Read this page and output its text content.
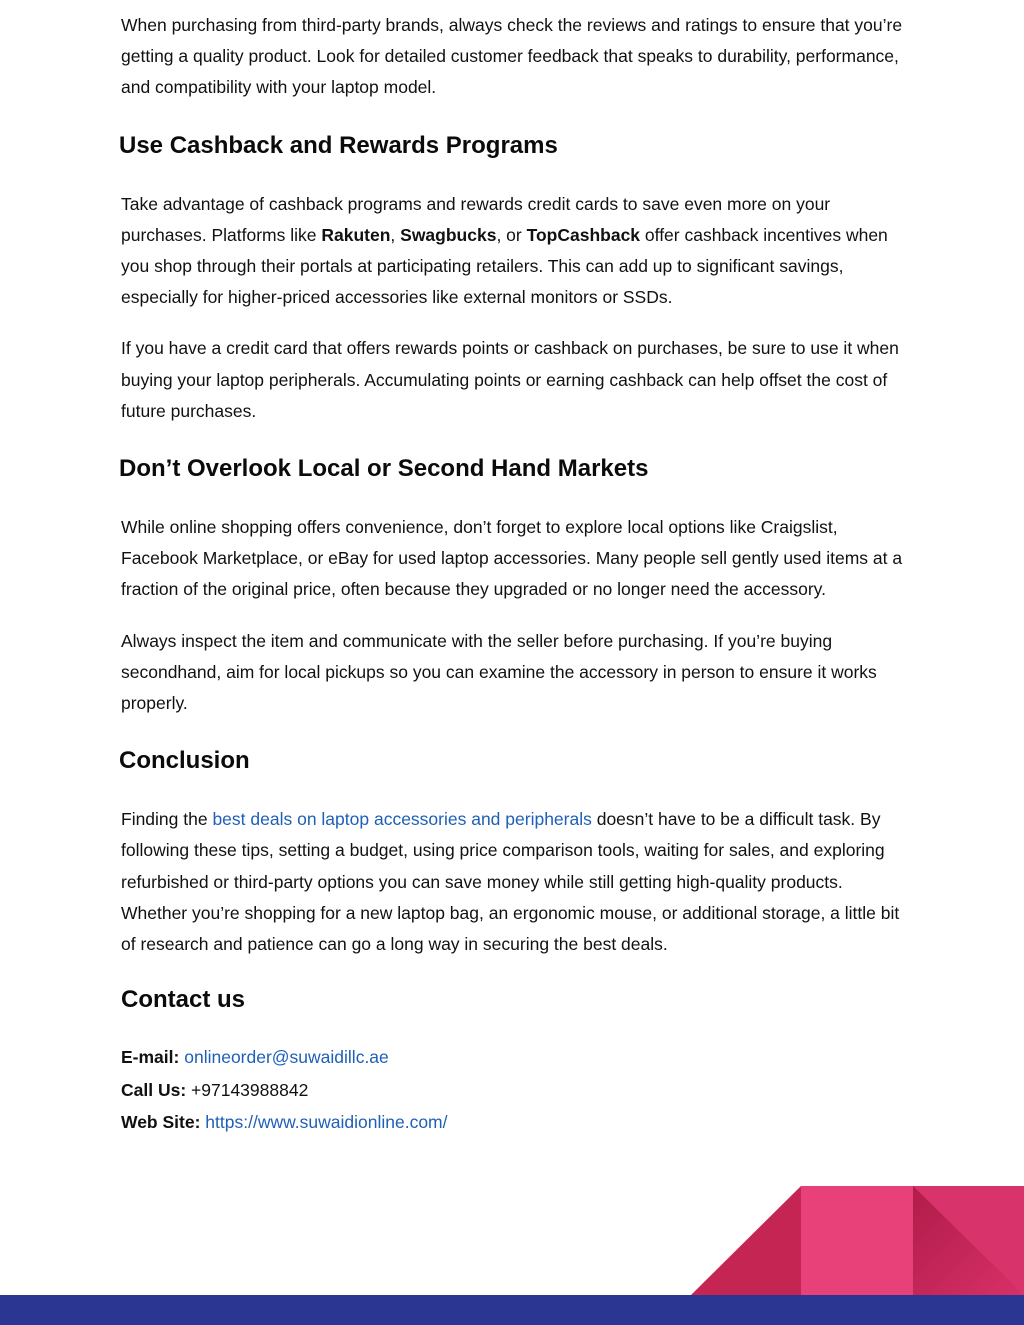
When purchasing from third-party brands, always check the reviews and ratings to ensure that you’re getting a quality product. Look for detailed customer feedback that speaks to durability, performance, and compatibility with your laptop model.

Use Cashback and Rewards Programs

Take advantage of cashback programs and rewards credit cards to save even more on your purchases. Platforms like Rakuten, Swagbucks, or TopCashback offer cashback incentives when you shop through their portals at participating retailers. This can add up to significant savings, especially for higher-priced accessories like external monitors or SSDs.

If you have a credit card that offers rewards points or cashback on purchases, be sure to use it when buying your laptop peripherals. Accumulating points or earning cashback can help offset the cost of future purchases.

Don’t Overlook Local or Second Hand Markets

While online shopping offers convenience, don’t forget to explore local options like Craigslist, Facebook Marketplace, or eBay for used laptop accessories. Many people sell gently used items at a fraction of the original price, often because they upgraded or no longer need the accessory.

Always inspect the item and communicate with the seller before purchasing. If you’re buying secondhand, aim for local pickups so you can examine the accessory in person to ensure it works properly.

Conclusion

Finding the best deals on laptop accessories and peripherals doesn’t have to be a difficult task. By following these tips, setting a budget, using price comparison tools, waiting for sales, and exploring refurbished or third-party options you can save money while still getting high-quality products. Whether you’re shopping for a new laptop bag, an ergonomic mouse, or additional storage, a little bit of research and patience can go a long way in securing the best deals.

Contact us

E-mail: onlineorder@suwaidillc.ae

Call Us: +97143988842

Web Site: https://www.suwaidionline.com/
